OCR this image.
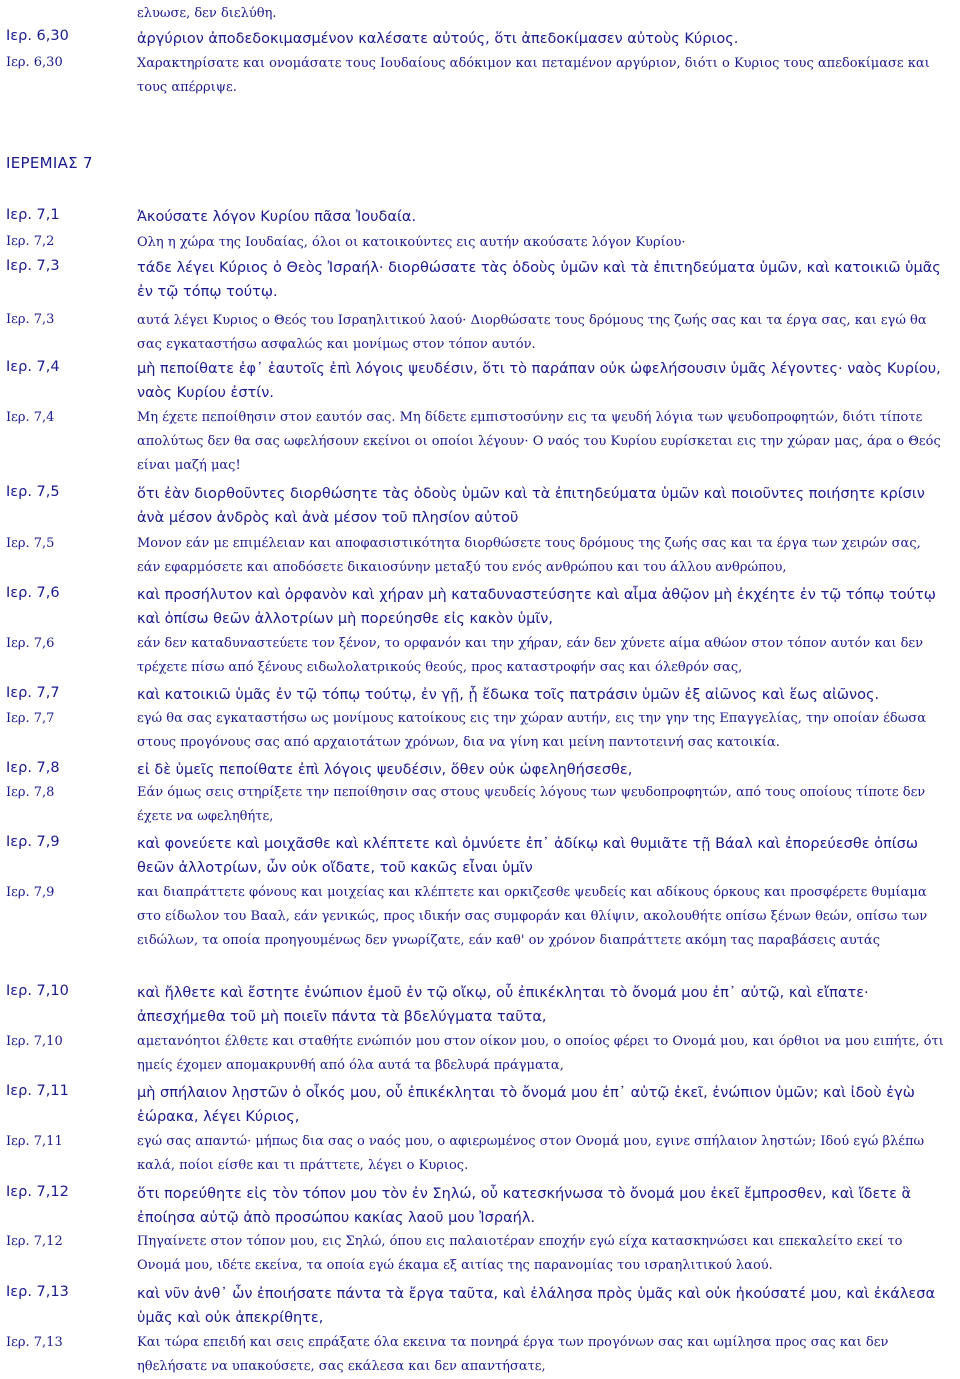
ελυωσε, δεν διελύθη.
Ιερ. 6,30	ἀργύριον ἀποδεδοκιμασμένον καλέσατε αὐτούς, ὅτι ἀπεδοκίμασεν αὐτοὺς Κύριος.
Ιερ. 6,30	Χαρακτηρίσατε και ονομάσατε τους Ιουδαίους αδόκιμον και πεταμένον αργύριον, διότι ο Κυριος τους απεδοκίμασε και τους απέρριψε.
ΙΕΡΕΜΙΑΣ 7
Ιερ. 7,1	Ἀκούσατε λόγον Κυρίου πᾶσα Ἰουδαία.
Ιερ. 7,2	Ολη η χώρα της Ιουδαίας, όλοι οι κατοικούντες εις αυτήν ακούσατε λόγον Κυρίου·
Ιερ. 7,3	τάδε λέγει Κύριος ὁ Θεὸς Ἰσραήλ· διορθώσατε τὰς ὁδοὺς ὑμῶν καὶ τὰ ἐπιτηδεύματα ὑμῶν, καὶ κατοικιῶ ὑμᾶς ἐν τῷ τόπῳ τούτῳ.
Ιερ. 7,3	αυτά λέγει Κυριος ο Θεός του Ισραηλιτικού λαού· Διορθώσατε τους δρόμους της ζωής σας και τα έργα σας, και εγώ θα σας εγκαταστήσω ασφαλώς και μονίμως στον τόπον αυτόν.
Ιερ. 7,4	μὴ πεποίθατε ἐφ᾿ ἑαυτοῖς ἐπὶ λόγοις ψευδέσιν, ὅτι τὸ παράπαν οὐκ ὠφελήσουσιν ὑμᾶς λέγοντες· ναὸς Κυρίου, ναὸς Κυρίου ἐστίν.
Ιερ. 7,4	Μη έχετε πεποίθησιν στον εαυτόν σας. Μη δίδετε εμπιστοσύνην εις τα ψευδή λόγια των ψευδοπροφητών, διότι τίποτε απολύτως δεν θα σας ωφελήσουν εκείνοι οι οποίοι λέγουν· Ο ναός του Κυρίου ευρίσκεται εις την χώραν μας, άρα ο Θεός είναι μαζή μας!
Ιερ. 7,5	ὅτι ἐὰν διορθοῦντες διορθώσητε τὰς ὁδοὺς ὑμῶν καὶ τὰ ἐπιτηδεύματα ὑμῶν καὶ ποιοῦντες ποιήσητε κρίσιν ἀνὰ μέσον ἀνδρὸς καὶ ἀνὰ μέσον τοῦ πλησίον αὐτοῦ
Ιερ. 7,5	Μονον εάν με επιμέλειαν και αποφασιστικότητα διορθώσετε τους δρόμους της ζωής σας και τα έργα των χειρών σας, εάν εφαρμόσετε και αποδόσετε δικαιοσύνην μεταξύ του ενός ανθρώπου και του άλλου ανθρώπου,
Ιερ. 7,6	καὶ προσήλυτον καὶ ὀρφανὸν καὶ χήραν μὴ καταδυναστεύσητε καὶ αἷμα ἀθῷον μὴ ἐκχέητε ἐν τῷ τόπῳ τούτῳ καὶ ὀπίσω θεῶν ἀλλοτρίων μὴ πορεύησθε εἰς κακὸν ὑμῖν,
Ιερ. 7,6	εάν δεν καταδυναστεύετε τον ξένον, το ορφανόν και την χήραν, εάν δεν χύνετε αίμα αθώον στον τόπον αυτόν και δεν τρέχετε πίσω από ξένους ειδωλολατρικούς θεούς, προς καταστροφήν σας και όλεθρόν σας,
Ιερ. 7,7	καὶ κατοικιῶ ὑμᾶς ἐν τῷ τόπῳ τούτῳ, ἐν γῇ, ᾗ ἔδωκα τοῖς πατράσιν ὑμῶν ἐξ αἰῶνος καὶ ἕως αἰῶνος.
Ιερ. 7,7	εγώ θα σας εγκαταστήσω ως μονίμους κατοίκους εις την χώραν αυτήν, εις την γην της Επαγγελίας, την οποίαν έδωσα στους προγόνους σας από αρχαιοτάτων χρόνων, δια να γίνη και μείνη παντοτεινή σας κατοικία.
Ιερ. 7,8	εἰ δὲ ὑμεῖς πεποίθατε ἐπὶ λόγοις ψευδέσιν, ὅθεν οὐκ ὠφεληθήσεσθε,
Ιερ. 7,8	Εάν όμως σεις στηρίξετε την πεποίθησιν σας στους ψευδείς λόγους των ψευδοπροφητών, από τους οποίους τίποτε δεν έχετε να ωφεληθήτε,
Ιερ. 7,9	καὶ φονεύετε καὶ μοιχᾶσθε καὶ κλέπτετε καὶ ὀμνύετε ἐπ᾿ ἀδίκῳ καὶ θυμιᾶτε τῇ Βάαλ καὶ ἐπορεύεσθε ὀπίσω θεῶν ἀλλοτρίων, ὧν οὐκ οἴδατε, τοῦ κακῶς εἶναι ὑμῖν
Ιερ. 7,9	και διαπράττετε φόνους και μοιχείας και κλέπτετε και ορκιζεσθε ψευδείς και αδίκους όρκους και προσφέρετε θυμίαμα στο είδωλον του Βααλ, εάν γενικώς, προς ιδικήν σας συμφοράν και θλίψιν, ακολουθήτε οπίσω ξένων θεών, οπίσω των ειδώλων, τα οποία προηγουμένως δεν γνωρίζατε, εάν καθ' ον χρόνον διαπράττετε ακόμη τας παραβάσεις αυτάς
Ιερ. 7,10	καὶ ἤλθετε καὶ ἔστητε ἐνώπιον ἐμοῦ ἐν τῷ οἴκῳ, οὗ ἐπικέκληται τὸ ὄνομά μου ἐπ᾿ αὐτῷ, καὶ εἴπατε· ἀπεσχήμεθα τοῦ μὴ ποιεῖν πάντα τὰ βδελύγματα ταῦτα,
Ιερ. 7,10	αμετανόητοι έλθετε και σταθήτε ενώπιόν μου στον οίκον μου, ο οποίος φέρει το Ονομά μου, και όρθιοι να μου ειπήτε, ότι ημείς έχομεν απομακρυνθή από όλα αυτά τα βδελυρά πράγματα,
Ιερ. 7,11	μὴ σπήλαιον λῃστῶν ὁ οἶκός μου, οὗ ἐπικέκληται τὸ ὄνομά μου ἐπ᾿ αὐτῷ ἐκεῖ, ἐνώπιον ὑμῶν; καὶ ἰδοὺ ἐγὼ ἑώρακα, λέγει Κύριος,
Ιερ. 7,11	εγώ σας απαντώ· μήπως δια σας ο ναός μου, ο αφιερωμένος στον Ονομά μου, εγινε σπήλαιον ληστών; Ιδού εγώ βλέπω καλά, ποίοι είσθε και τι πράττετε, λέγει ο Κυριος.
Ιερ. 7,12	ὅτι πορεύθητε εἰς τὸν τόπον μου τὸν ἐν Σηλώ, οὗ κατεσκήνωσα τὸ ὄνομά μου ἐκεῖ ἔμπροσθεν, καὶ ἴδετε ἃ ἐποίησα αὐτῷ ἀπὸ προσώπου κακίας λαοῦ μου Ἰσραήλ.
Ιερ. 7,12	Πηγαίνετε στον τόπον μου, εις Σηλώ, όπου εις παλαιοτέραν εποχήν εγώ είχα κατασκηνώσει και επεκαλείτο εκεί το Ονομά μου, ιδέτε εκείνα, τα οποία εγώ έκαμα εξ αιτίας της παρανομίας του ισραηλιτικού λαού.
Ιερ. 7,13	καὶ νῦν ἀνθ᾿ ὧν ἐποιήσατε πάντα τὰ ἔργα ταῦτα, καὶ ἐλάλησα πρὸς ὑμᾶς καὶ οὐκ ἠκούσατέ μου, καὶ ἐκάλεσα ὑμᾶς καὶ οὐκ ἀπεκρίθητε,
Ιερ. 7,13	Και τώρα επειδή και σεις επράξατε όλα εκεινα τα πονηρά έργα των προγόνων σας και ωμίλησα προς σας και δεν ηθελήσατε να υπακούσετε, σας εκάλεσα και δεν απαντήσατε,
